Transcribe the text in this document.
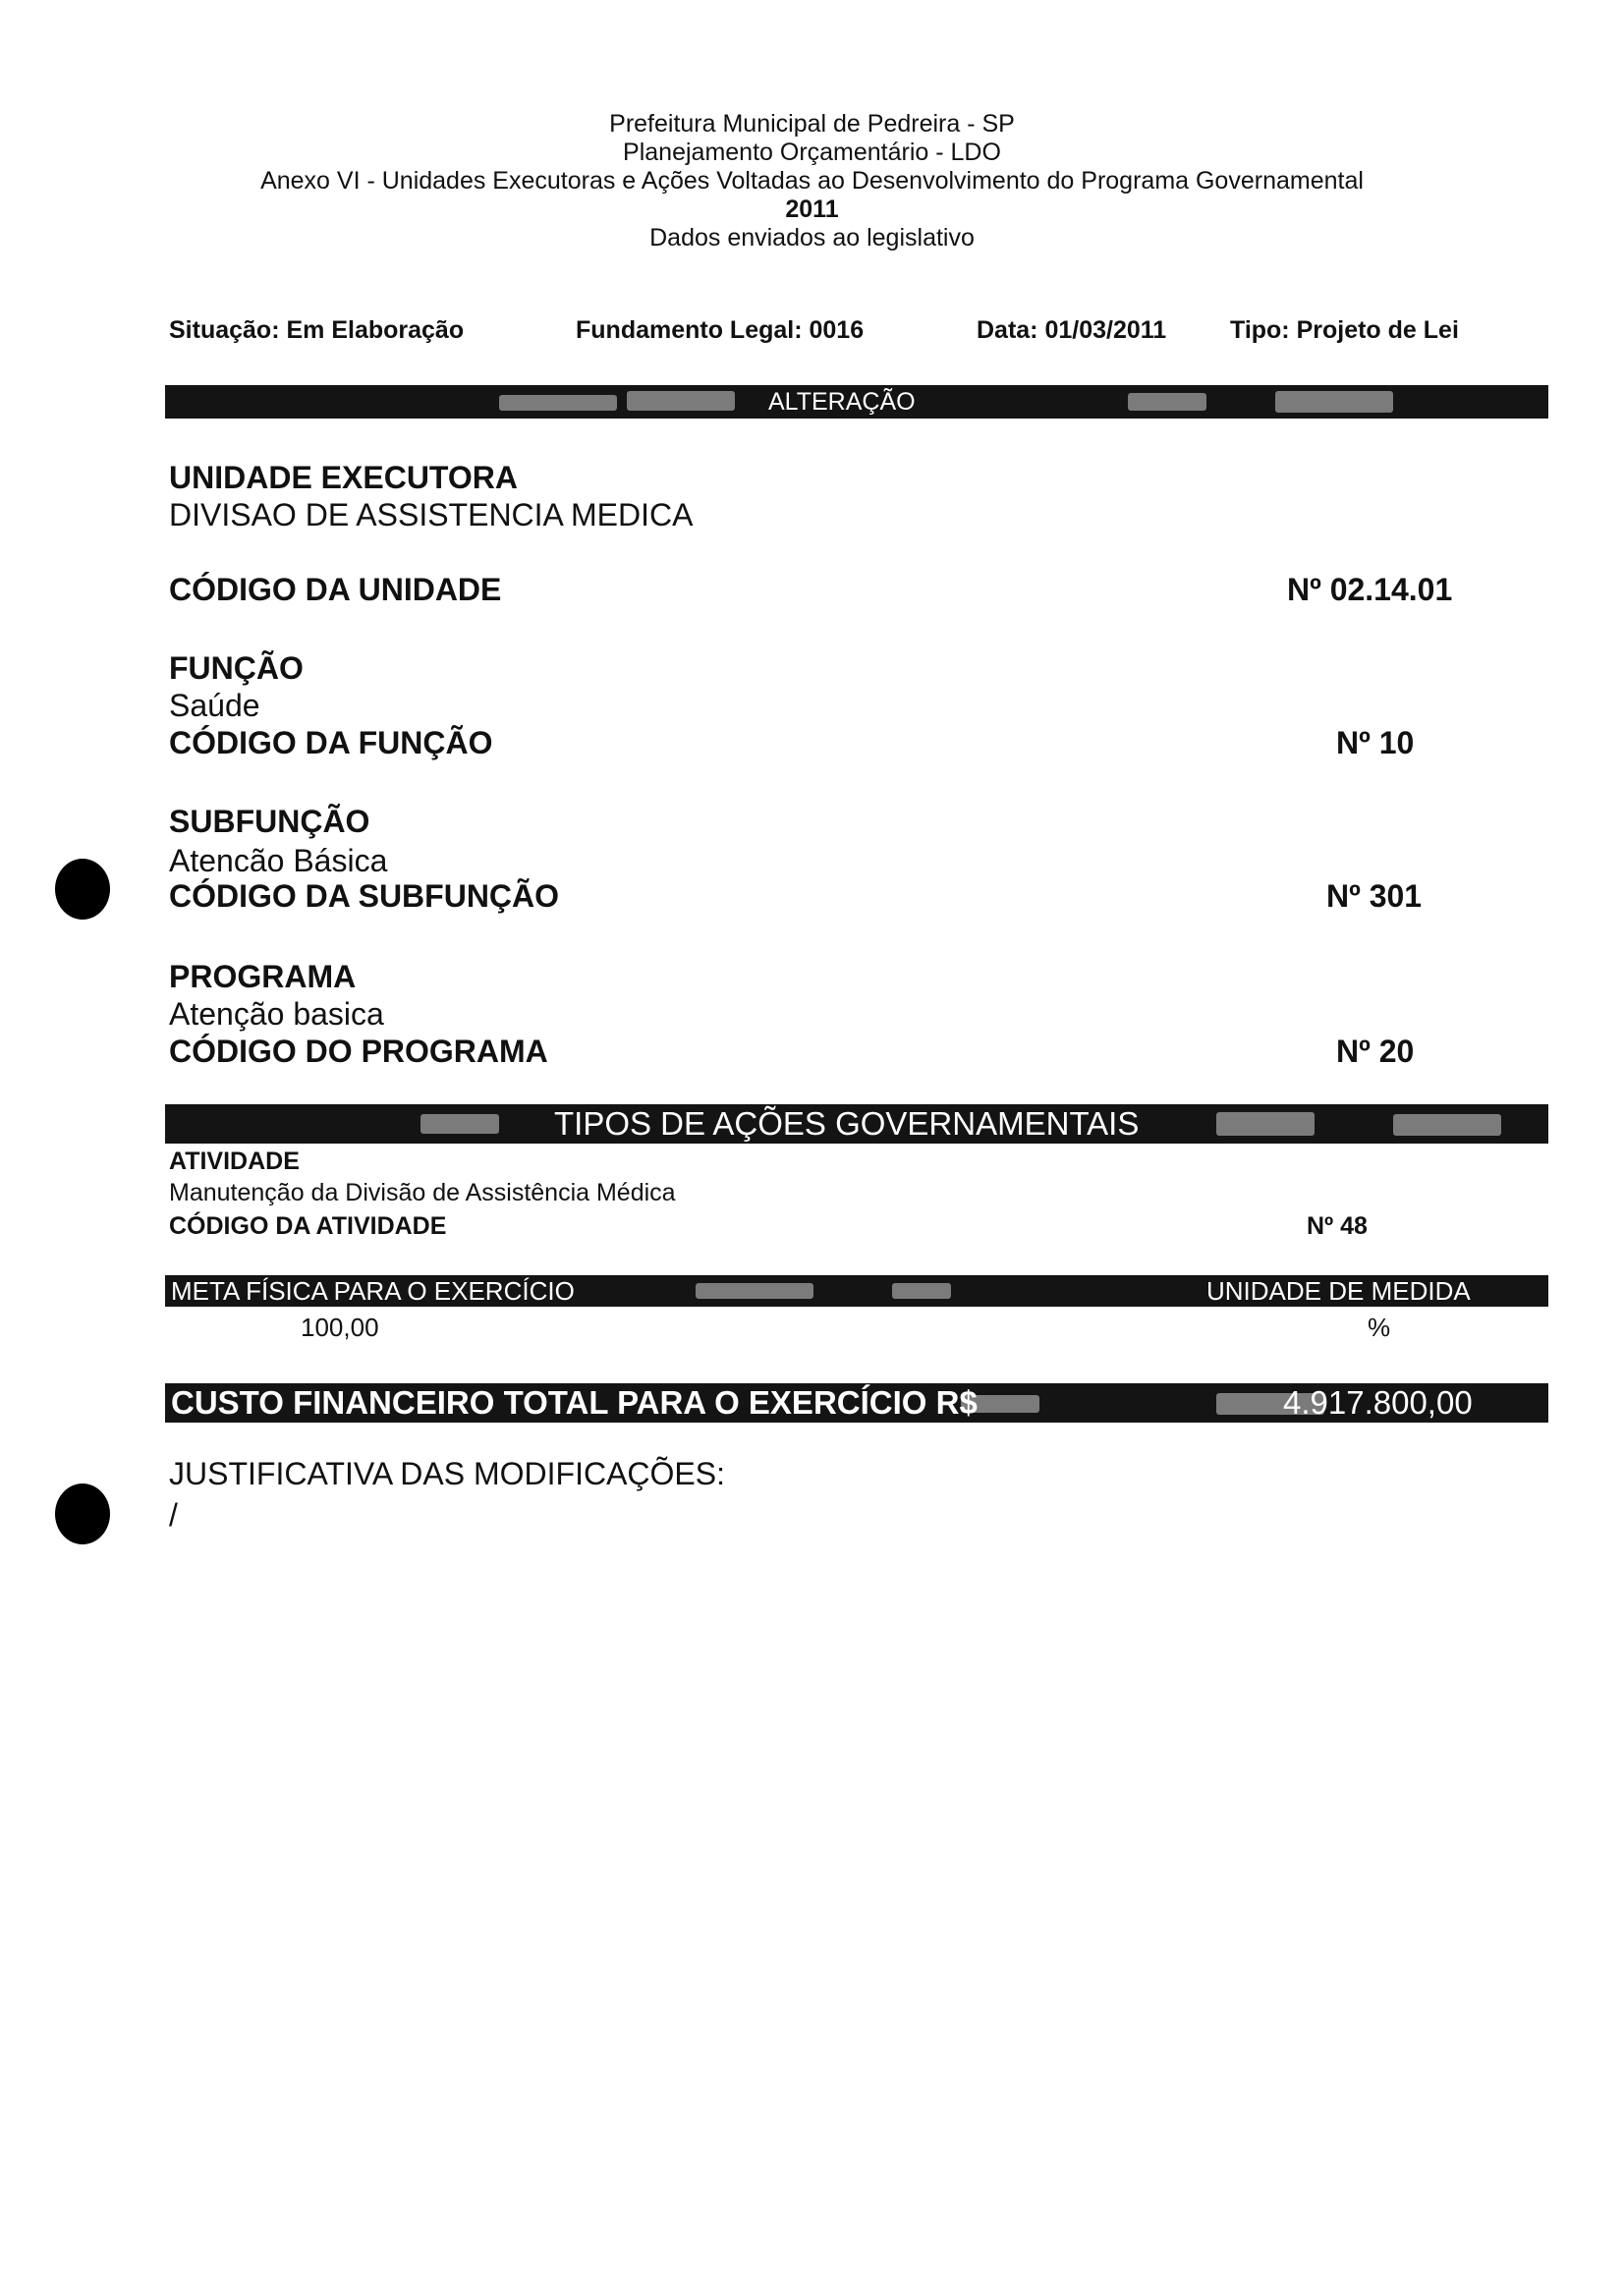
Prefeitura Municipal de Pedreira - SP
Planejamento Orçamentário - LDO
Anexo VI - Unidades Executoras e Ações Voltadas ao Desenvolvimento do Programa Governamental
2011
Dados enviados ao legislativo
Situação: Em Elaboração	Fundamento Legal: 0016	Data: 01/03/2011	Tipo: Projeto de Lei
ALTERAÇÃO
UNIDADE EXECUTORA
DIVISAO DE ASSISTENCIA MEDICA
CÓDIGO DA UNIDADE	Nº 02.14.01
FUNÇÃO
Saúde
CÓDIGO DA FUNÇÃO	Nº 10
SUBFUNÇÃO
Atencão Básica
CÓDIGO DA SUBFUNÇÃO	Nº 301
PROGRAMA
Atenção basica
CÓDIGO DO PROGRAMA	Nº 20
TIPOS DE AÇÕES GOVERNAMENTAIS
ATIVIDADE
Manutenção da Divisão de Assistência Médica
CÓDIGO DA ATIVIDADE	Nº 48
META FÍSICA PARA O EXERCÍCIO	UNIDADE DE MEDIDA
100,00	%
CUSTO FINANCEIRO TOTAL PARA O EXERCÍCIO R$	4.917.800,00
JUSTIFICATIVA DAS MODIFICAÇÕES:
/
